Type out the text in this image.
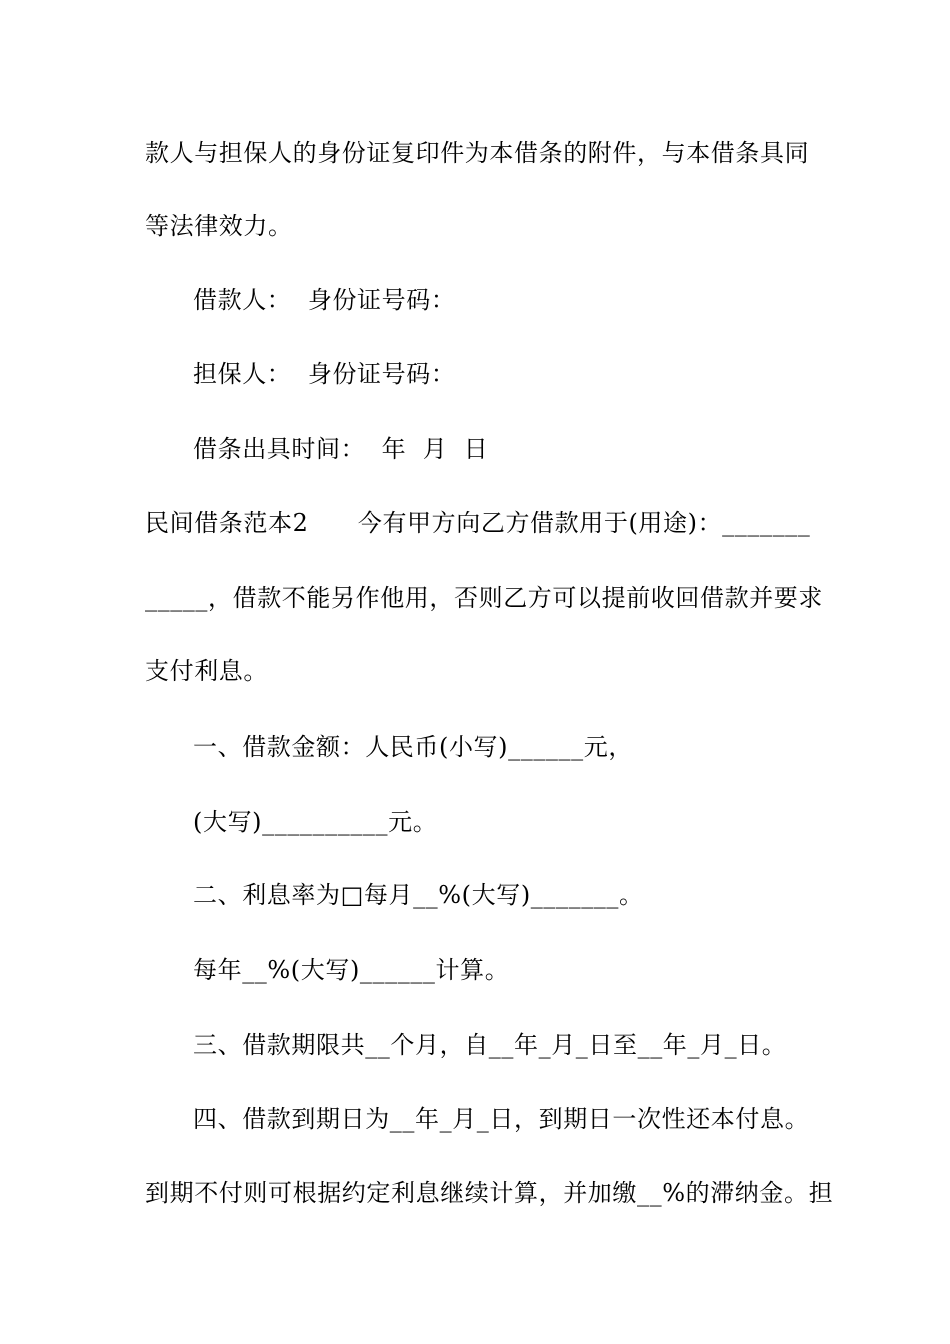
款人与担保人的身份证复印件为本借条的附件，与本借条具同
等法律效力。
借款人：  身份证号码：
担保人：  身份证号码：
借条出具时间：  年  月  日
民间借条范本2      今有甲方向乙方借款用于(用途)：_______
_____，借款不能另作他用，否则乙方可以提前收回借款并要求
支付利息。
一、借款金额：人民币(小写)______元，
(大写)__________元。
二、利息率为□每月__%(大写)_______。
每年__%(大写)______计算。
三、借款期限共__个月，自__年_月_日至__年_月_日。
四、借款到期日为__年_月_日，到期日一次性还本付息。
到期不付则可根据约定利息继续计算，并加缴__%的滞纳金。担
